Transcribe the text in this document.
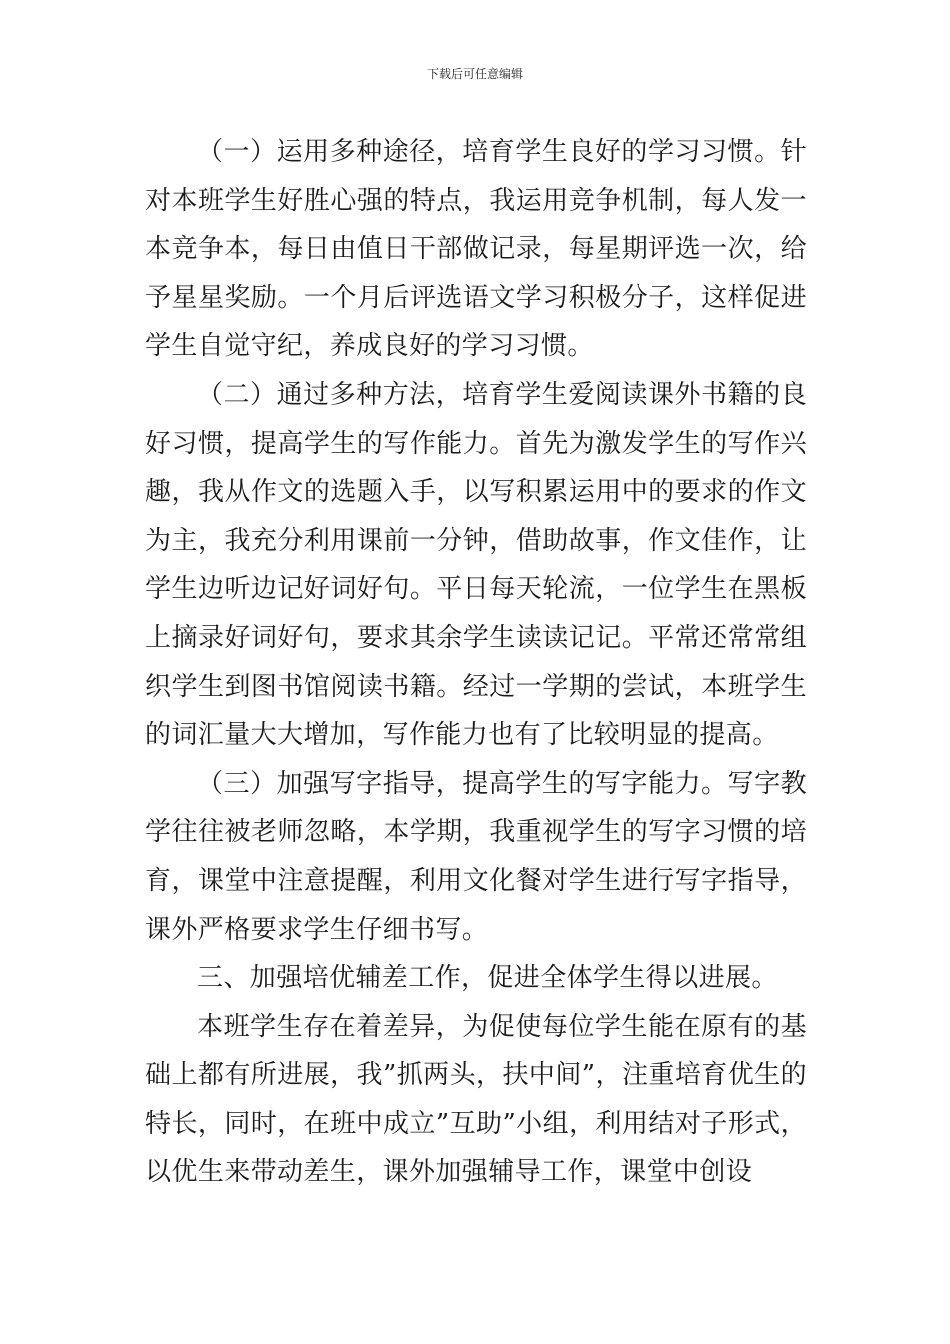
下载后可任意编辑

（一）运用多种途径，培育学生良好的学习习惯。针对本班学生好胜心强的特点，我运用竞争机制，每人发一本竞争本，每日由值日干部做记录，每星期评选一次，给予星星奖励。一个月后评选语文学习积极分子，这样促进学生自觉守纪，养成良好的学习习惯。

（二）通过多种方法，培育学生爱阅读课外书籍的良好习惯，提高学生的写作能力。首先为激发学生的写作兴趣，我从作文的选题入手，以写积累运用中的要求的作文为主，我充分利用课前一分钟，借助故事，作文佳作，让学生边听边记好词好句。平日每天轮流，一位学生在黑板上摘录好词好句，要求其余学生读读记记。平常还常常组织学生到图书馆阅读书籍。经过一学期的尝试，本班学生的词汇量大大增加，写作能力也有了比较明显的提高。

（三）加强写字指导，提高学生的写字能力。写字教学往往被老师忽略，本学期，我重视学生的写字习惯的培育，课堂中注意提醒，利用文化餐对学生进行写字指导，课外严格要求学生仔细书写。

三、加强培优辅差工作，促进全体学生得以进展。

本班学生存在着差异，为促使每位学生能在原有的基础上都有所进展，我”抓两头，扶中间”，注重培育优生的特长，同时，在班中成立”互助”小组，利用结对子形式，以优生来带动差生，课外加强辅导工作，课堂中创设
